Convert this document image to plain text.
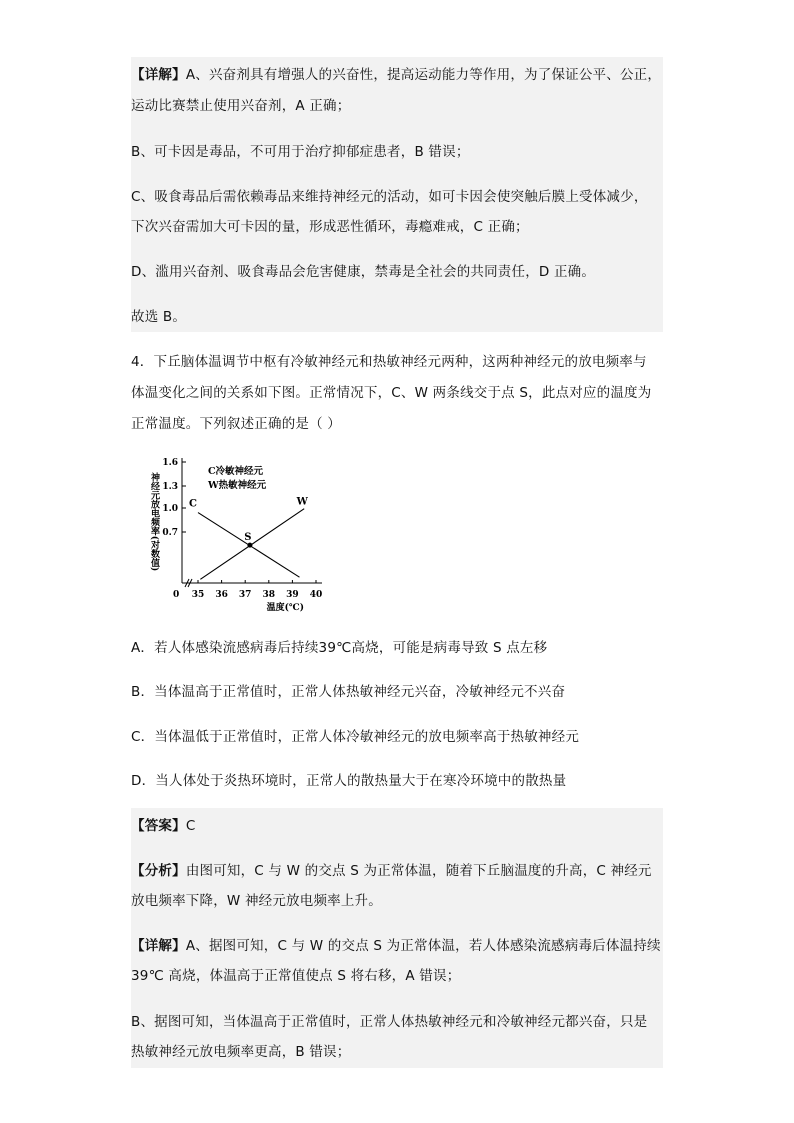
【详解】A、兴奋剂具有增强人的兴奋性，提高运动能力等作用，为了保证公平、公正，
运动比赛禁止使用兴奋剂，A 正确；
B、可卡因是毒品，不可用于治疗抑郁症患者，B 错误；
C、吸食毒品后需依赖毒品来维持神经元的活动，如可卡因会使突触后膜上受体减少，
下次兴奋需加大可卡因的量，形成恶性循环，毒瘾难戒，C 正确；
D、滥用兴奋剂、吸食毒品会危害健康，禁毒是全社会的共同责任，D 正确。
故选 B。
4．下丘脑体温调节中枢有冷敏神经元和热敏神经元两种，这两种神经元的放电频率与
体温变化之间的关系如下图。正常情况下，C、W 两条线交于点 S，此点对应的温度为
正常温度。下列叙述正确的是（ ）
0.7
1.0
1.3
1.6
0 35 36 37 38 39 40
神经元放电频率(对数值)
温度(℃)
C冷敏神经元
W热敏神经元
C	W
S
A．若人体感染流感病毒后持续39℃高烧，可能是病毒导致 S 点左移
B．当体温高于正常值时，正常人体热敏神经元兴奋，冷敏神经元不兴奋
C．当体温低于正常值时，正常人体冷敏神经元的放电频率高于热敏神经元
D．当人体处于炎热环境时，正常人的散热量大于在寒冷环境中的散热量
【答案】C
【分析】由图可知，C 与 W 的交点 S 为正常体温，随着下丘脑温度的升高，C 神经元
放电频率下降，W 神经元放电频率上升。
【详解】A、据图可知，C 与 W 的交点 S 为正常体温，若人体感染流感病毒后体温持续
39℃ 高烧，体温高于正常值使点 S 将右移，A 错误；
B、据图可知，当体温高于正常值时，正常人体热敏神经元和冷敏神经元都兴奋，只是
热敏神经元放电频率更高，B 错误；
